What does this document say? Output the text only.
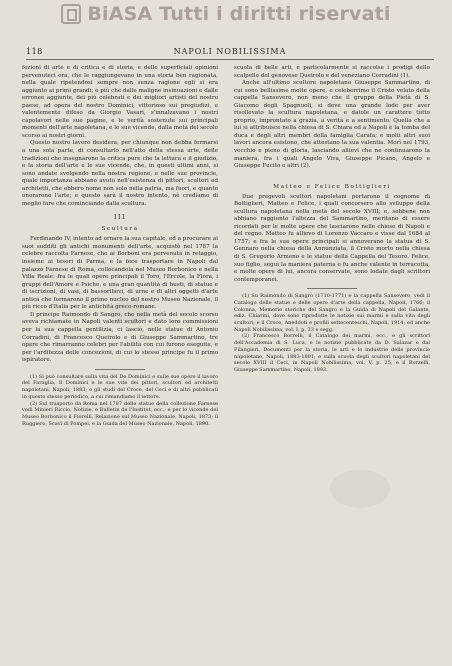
BiASA Tutti i diritti riservati
118	NAPOLI NOBILISSIMA

fezioni di arte e di critica e di storia, e delle superficiali opinioni pervenuteci ora, che le raggiungevano in una storia ben ragionata, nella quale ripetendosi sempre non senza ragione egli si era aggiunto ai primi grandi; e più che dalle maligne insinuazioni e dalle erronee aggiunte, dei più celebrati e dei migliori artisti del nostro paese, ad opera del nostro Dominici, vittorioso sui pregiudizi, e valentemente difeso da Giorgio Vasari, s'innalzavano i nostri capolavori nelle sue pagine, e le verità sostenute sui principali momenti dell'arte napoletana, e le sue vicende, dalla metà del secolo scorso ai nostri giorni.

Questo nostro lavoro desidera, per chiunque non debba fermarsi a una sola parte, di consultarlo nell'atto della stessa arte, delle tradizioni che insegnarono la critica pure che la lettura e il giudizio, e la storia dell'arte e le sue vicende, che, in questi ultimi anni, si sono andate svolgendo nella nostra regione, e nelle sue provincie, quale importanza abbiano avuto nell'esistenza di pittori, scultori ed architetti, che ebbero nome non solo nella patria, ma fuori, e quanto onorarono l'arte; e questo sarà il nostro intento, nè crediamo di meglio fare che cominciando dalla scultura.

III
Scultura

Ferdinando IV, intento ad ornare la sua capitale, ed a procurare ai suoi sudditi gli antichi monumenti dell'arte, acquistò nel 1787 la celebre raccolta Farnese, che ai Borboni era pervenuta in retaggio, insieme ai tesori di Parma, e la fece trasportare in Napoli dal palazzo Farnese di Roma, collocandola nel Museo Borbonico e nella Villa Reale: fra le quali opere principali il Toro, l'Ercole, la Flora, i gruppi dell'Amore e Psiche, e una gran quantità di busti, di statue e di iscrizioni, di vasi, di bassorilievi, di urne e di altri oggetti d'arte antica che formarono il primo nucleo del nostro Museo Nazionale, il più ricco d'Italia per le antichità greco-romane.

Il principe Raimondo di Sangro, che nella metà del secolo scorso aveva richiamato in Napoli valenti scultori e dato loro commissioni per la sua cappella gentilizia, ci lasciò, nelle statue di Antonio Corradini, di Francesco Queirolo e di Giuseppe Sammartino, tre opere che rimarranno celebri per l'abilità con cui furono eseguite, e per l'arditezza delle concezioni, di cui lo stesso principe fu il primo ispiratore.

(1) Si può consultare sulla vita del De Dominici e sulle sue opere il lavoro del Faraglia, Il Dominici e le sue vite dei pittori, scultori ed architetti napoletani, Napoli, 1883; e gli studi del Croce, del Ceci e di altri pubblicati in questo stesso periodico, a cui rimandiamo il lettore.

(2) Sul trasporto da Roma nel 1787 delle statue della collezione Farnese vedi Minieri Riccio, Notizie, e Bulletin de l'Institut, ecc.; e per le vicende del Museo Borbonico il Fiorelli, Relazione sul Museo Nazionale, Napoli, 1873; il Ruggiero, Scavi di Pompei, e la Guida del Museo Nazionale, Napoli, 1890.

scuola di belle arti, e particolarmente si raccolse i prodigi dello scalpello del genovese Queirolo e del veneziano Corradini (1).

Anche all'ultimo scultore napoletano Giuseppe Sammartino, di cui sono bellissime molte opere, e celeberrimo il Cristo velato della cappella Sansevero, non meno che il gruppo della Pietà di S. Giacomo degli Spagnuoli, si deve una grande lode per aver risollevato la scultura napoletana, e datole un carattere tutto proprio, improntato a grazia, a verità e a sentimento. Quella che a lui si attribuisce nella chiesa di S. Chiara ed a Napoli è la tomba del duca e degli altri membri della famiglia Carafa; e molti altri suoi lavori ancora esistono, che attestano la sua valentia. Morì nel 1793, vecchio e pieno di gloria, lasciando allievi che ne continuarono la maniera, fra i quali Angelo Viva, Giuseppe Picano, Angelo e Giuseppe Fucito e altri (2).

Matteo e Felice Bottiglieri

Due pregevoli scultori napoletani portarono il cognome di Bottiglieri, Matteo e Felice, i quali concorsero allo sviluppo della scultura napoletana nella metà del secolo XVIII; e, sebbene non abbiano raggiunto l'altezza del Sammartino, meritano di essere ricordati per le molte opere che lasciarono nelle chiese di Napoli e del regno. Matteo fu allievo di Lorenzo Vaccaro e visse dal 1684 al 1757; e fra le sue opere principali si annoverano la statua di S. Gennaro nella chiesa della Annunziata, il Cristo morto nella chiesa di S. Gregorio Armeno e le statue della Cappella del Tesoro. Felice, suo figlio, seguì la maniera paterna e fu anche valente in terracotta, e molte opere di lui, ancora conservate, sono lodate dagli scrittori contemporanei.

(1) Su Raimondo di Sangro (1710-1771) e la cappella Sansevero, vedi il Catalogo delle statue e delle opere d'arte della cappella, Napoli, 1766; il Colonna, Memorie storiche del Sangro e la Guida di Napoli del Galante, ediz. Chiarini, dove sono riprodotte le notizie sui marmi e sulla vita degli scultori; e il Croce, Aneddoti e profili settecenteschi, Napoli, 1914; ed anche Napoli Nobilissima, vol. I, p. 33 e segg.

(2) Francesco Borrelli, il Catalogo dei marmi, ecc., e gli scrittori dell'Accademia di S. Luca, e le notizie pubblicate da D. Salazar e dal Filangieri, Documenti per la storia, le arti e le industrie delle provincie napoletane, Napoli, 1883-1891; e sulla scuola degli scultori napoletani del secolo XVIII il Ceci, in Napoli Nobilissima, vol. V, p. 25, e il Borzelli, Giuseppe Sammartino, Napoli, 1893.
